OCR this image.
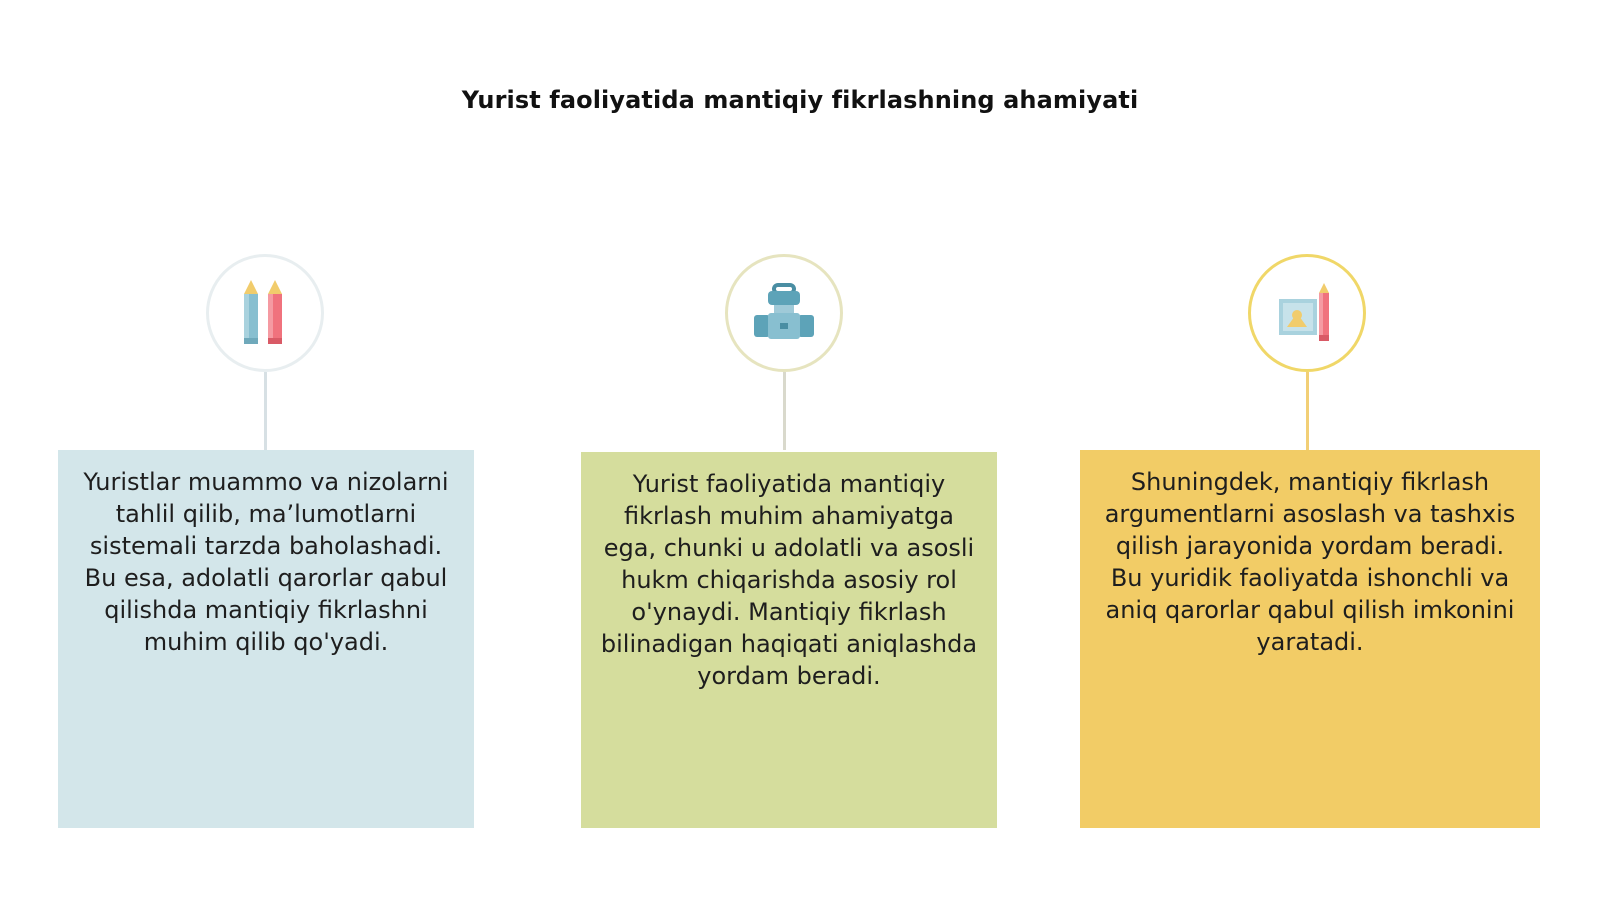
Yurist faoliyatida mantiqiy fikrlashning ahamiyati
Yuristlar muammo va nizolarni tahlil qilib, ma’lumotlarni sistemali tarzda baholashadi. Bu esa, adolatli qarorlar qabul qilishda mantiqiy fikrlashni muhim qilib qo'yadi.
Yurist faoliyatida mantiqiy fikrlash muhim ahamiyatga ega, chunki u adolatli va asosli hukm chiqarishda asosiy rol o'ynaydi. Mantiqiy fikrlash bilinadigan haqiqati aniqlashda yordam beradi.
Shuningdek, mantiqiy fikrlash argumentlarni asoslash va tashxis qilish jarayonida yordam beradi. Bu yuridik faoliyatda ishonchli va aniq qarorlar qabul qilish imkonini yaratadi.
